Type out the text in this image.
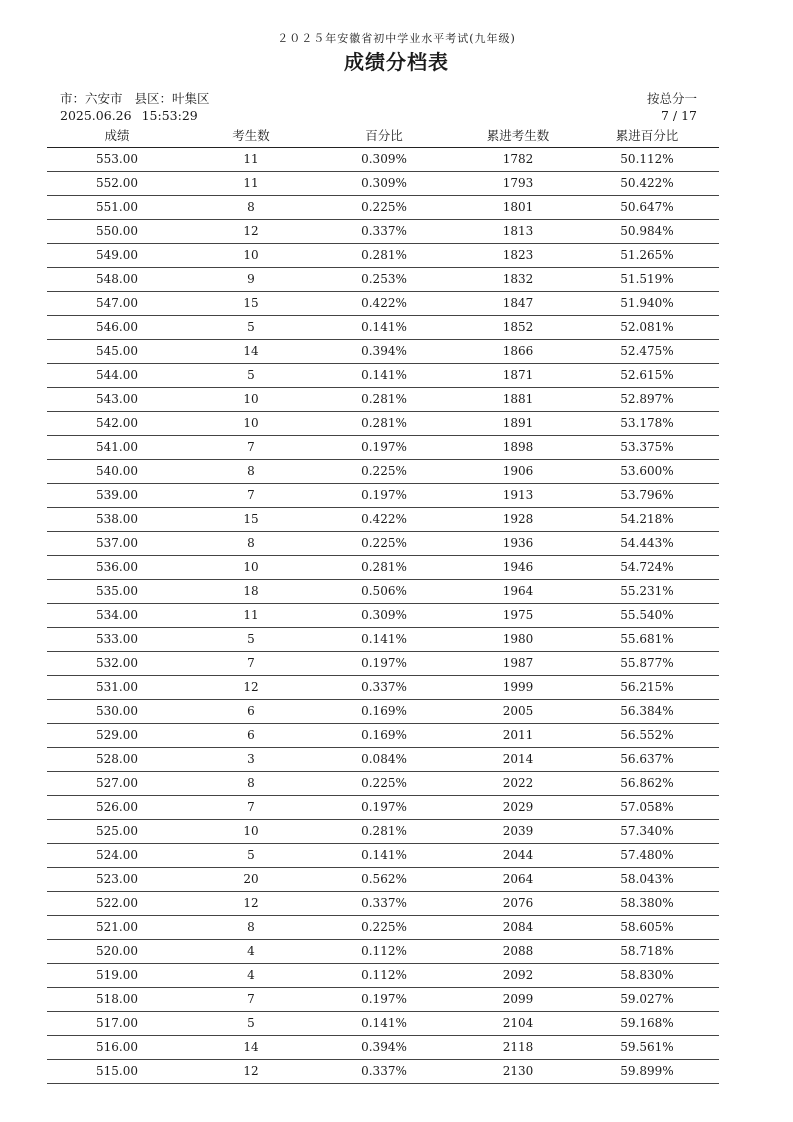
２０２５年安徽省初中学业水平考试(九年级)
成绩分档表
市：六安市 县区：叶集区
2025.06.26 15:53:29
按总分一
7 / 17
成绩	考生数	百分比	累进考生数	累进百分比
553.00	11	0.309%	1782	50.112%
552.00	11	0.309%	1793	50.422%
551.00	8	0.225%	1801	50.647%
550.00	12	0.337%	1813	50.984%
549.00	10	0.281%	1823	51.265%
548.00	9	0.253%	1832	51.519%
547.00	15	0.422%	1847	51.940%
546.00	5	0.141%	1852	52.081%
545.00	14	0.394%	1866	52.475%
544.00	5	0.141%	1871	52.615%
543.00	10	0.281%	1881	52.897%
542.00	10	0.281%	1891	53.178%
541.00	7	0.197%	1898	53.375%
540.00	8	0.225%	1906	53.600%
539.00	7	0.197%	1913	53.796%
538.00	15	0.422%	1928	54.218%
537.00	8	0.225%	1936	54.443%
536.00	10	0.281%	1946	54.724%
535.00	18	0.506%	1964	55.231%
534.00	11	0.309%	1975	55.540%
533.00	5	0.141%	1980	55.681%
532.00	7	0.197%	1987	55.877%
531.00	12	0.337%	1999	56.215%
530.00	6	0.169%	2005	56.384%
529.00	6	0.169%	2011	56.552%
528.00	3	0.084%	2014	56.637%
527.00	8	0.225%	2022	56.862%
526.00	7	0.197%	2029	57.058%
525.00	10	0.281%	2039	57.340%
524.00	5	0.141%	2044	57.480%
523.00	20	0.562%	2064	58.043%
522.00	12	0.337%	2076	58.380%
521.00	8	0.225%	2084	58.605%
520.00	4	0.112%	2088	58.718%
519.00	4	0.112%	2092	58.830%
518.00	7	0.197%	2099	59.027%
517.00	5	0.141%	2104	59.168%
516.00	14	0.394%	2118	59.561%
515.00	12	0.337%	2130	59.899%
